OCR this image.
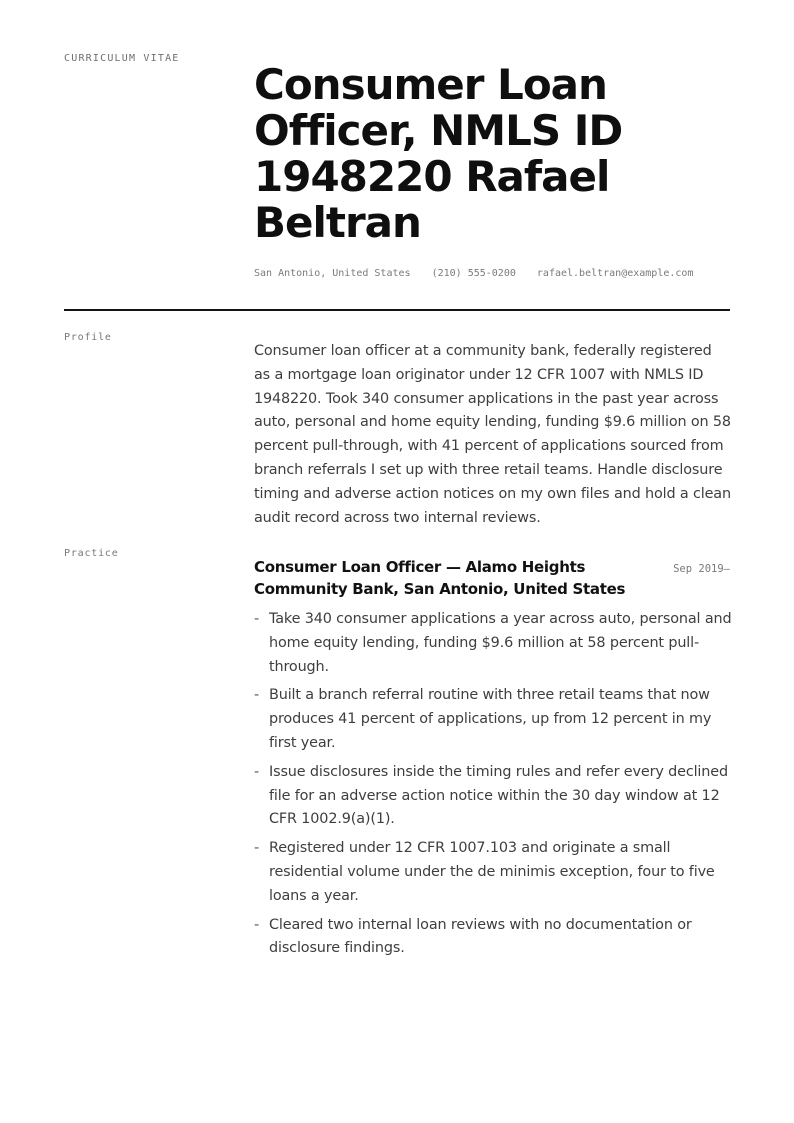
CURRICULUM VITAE
Consumer Loan Officer, NMLS ID 1948220 Rafael Beltran
San Antonio, United States (210) 555-0200 rafael.beltran@example.com
Profile

Consumer loan officer at a community bank, federally registered as a mortgage loan originator under 12 CFR 1007 with NMLS ID 1948220. Took 340 consumer applications in the past year across auto, personal and home equity lending, funding $9.6 million on 58 percent pull-through, with 41 percent of applications sourced from branch referrals I set up with three retail teams. Handle disclosure timing and adverse action notices on my own files and hold a clean audit record across two internal reviews.

Practice
Consumer Loan Officer — Alamo Heights Community Bank, San Antonio, United States
Sep 2019–
- Take 340 consumer applications a year across auto, personal and home equity lending, funding $9.6 million at 58 percent pull-through.
- Built a branch referral routine with three retail teams that now produces 41 percent of applications, up from 12 percent in my first year.
- Issue disclosures inside the timing rules and refer every declined file for an adverse action notice within the 30 day window at 12 CFR 1002.9(a)(1).
- Registered under 12 CFR 1007.103 and originate a small residential volume under the de minimis exception, four to five loans a year.
- Cleared two internal loan reviews with no documentation or disclosure findings.
